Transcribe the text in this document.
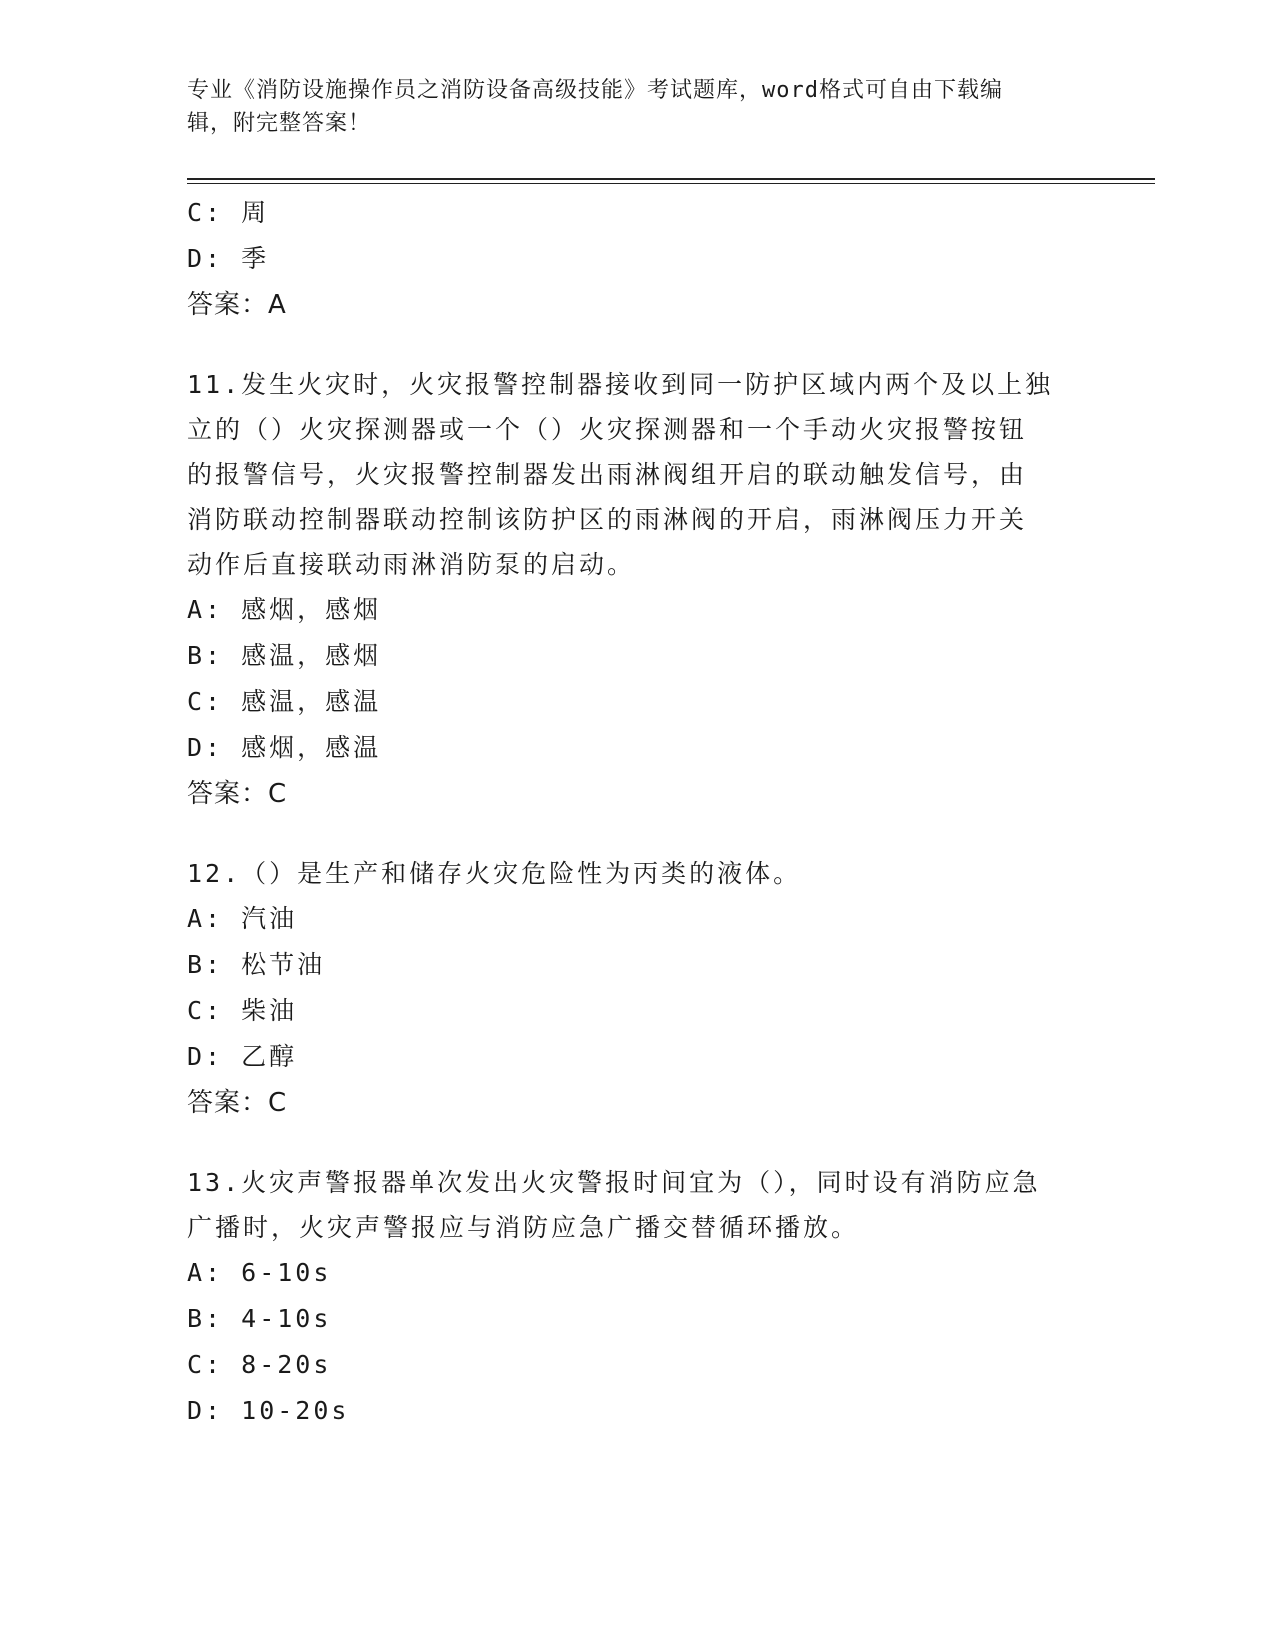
专业《消防设施操作员之消防设备高级技能》考试题库，word格式可自由下载编
辑，附完整答案！

C: 周

D: 季

答案：A

11.发生火灾时，火灾报警控制器接收到同一防护区域内两个及以上独

立的（）火灾探测器或一个（）火灾探测器和一个手动火灾报警按钮

的报警信号，火灾报警控制器发出雨淋阀组开启的联动触发信号，由

消防联动控制器联动控制该防护区的雨淋阀的开启，雨淋阀压力开关

动作后直接联动雨淋消防泵的启动。

A: 感烟，感烟

B: 感温，感烟

C: 感温，感温

D: 感烟，感温

答案：C

12.（）是生产和储存火灾危险性为丙类的液体。

A: 汽油

B: 松节油

C: 柴油

D: 乙醇

答案：C

13.火灾声警报器单次发出火灾警报时间宜为（），同时设有消防应急

广播时，火灾声警报应与消防应急广播交替循环播放。

A: 6-10s

B: 4-10s

C: 8-20s

D: 10-20s
